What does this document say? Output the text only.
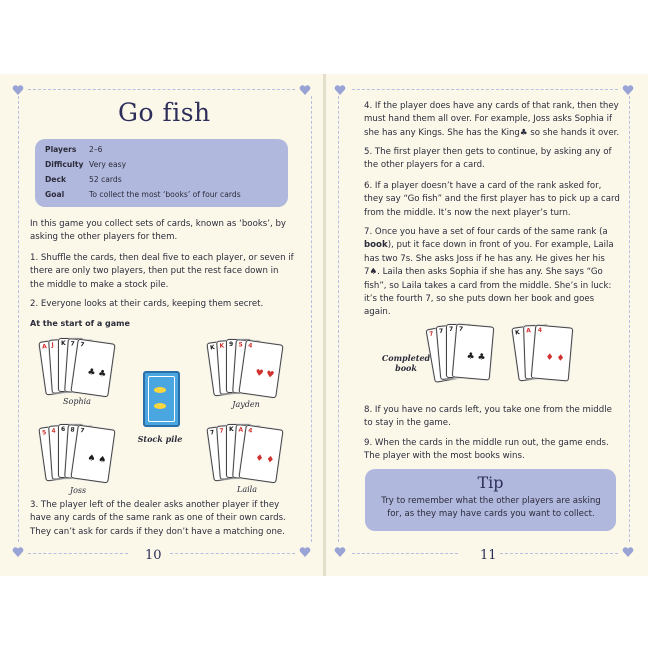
Go fish
Players 2–6
Difficulty Very easy
Deck	52 cards
Goal	To collect the most ‘books’ of four cards
In this game you collect sets of cards, known as ‘books’, by asking the other players for them.
1. Shuffle the cards, then deal five to each player, or seven if there are only two players, then put the rest face down in the middle to make a stock pile.
2. Everyone looks at their cards, keeping them secret.
At the start of a game
A J K 7 7
♣ ♣
Sophia
Stock pile
K K 9 5 4
♥ ♥
Jayden
5 4 6 8 7
♠ ♠
Joss
7 7 K A 4
♦ ♦
Laila
3. The player left of the dealer asks another player if they have any cards of the same rank as one of their own cards. They can’t ask for cards if they don’t have a matching one.
10
4. If the player does have any cards of that rank, then they must hand them all over. For example, Joss asks Sophia if she has any Kings. She has the King♣ so she hands it over.
5. The first player then gets to continue, by asking any of the other players for a card.
6. If a player doesn’t have a card of the rank asked for, they say “Go fish” and the first player has to pick up a card from the middle. It’s now the next player’s turn.
7. Once you have a set of four cards of the same rank (a book), put it face down in front of you. For example, Laila has two 7s. She asks Joss if he has any. He gives her his 7♠. Laila then asks Sophia if she has any. She says “Go fish”, so Laila takes a card from the middle. She’s in luck: it’s the fourth 7, so she puts down her book and goes again.
Completed book
7 7 7 7
♣ ♣
K A 4
♦ ♦
8. If you have no cards left, you take one from the middle to stay in the game.
9. When the cards in the middle run out, the game ends. The player with the most books wins.
Tip
Try to remember what the other players are asking for, as they may have cards you want to collect.
11
